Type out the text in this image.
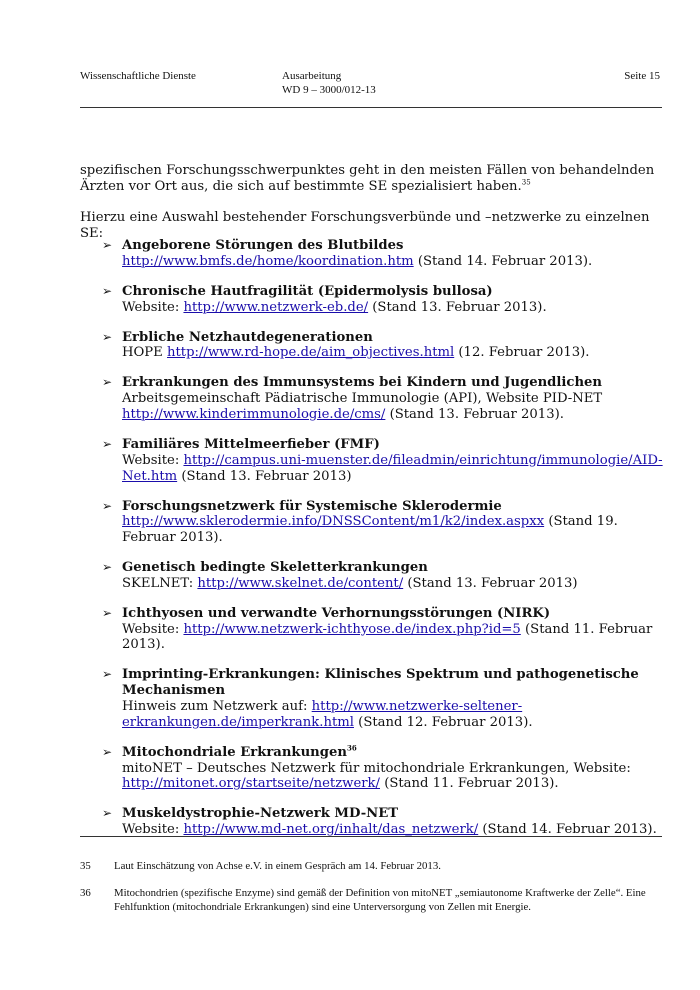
Wissenschaftliche Dienste	Ausarbeitung
WD 9 – 3000/012-13
Seite 15

spezifischen Forschungsschwerpunktes geht in den meisten Fällen von behandelnden Ärzten vor Ort aus, die sich auf bestimmte SE spezialisiert haben.$^{35}$

Hierzu eine Auswahl bestehender Forschungsverbünde und –netzwerke zu einzelnen SE:

➢ Angeborene Störungen des Blutbildes
http://www.bmfs.de/home/koordination.htm (Stand 14. Februar 2013).
➢ Chronische Hautfragilität (Epidermolysis bullosa)
Website: http://www.netzwerk-eb.de/ (Stand 13. Februar 2013).
➢ Erbliche Netzhautdegenerationen
HOPE http://www.rd-hope.de/aim_objectives.html (12. Februar 2013).
➢ Erkrankungen des Immunsystems bei Kindern und Jugendlichen
Arbeitsgemeinschaft Pädiatrische Immunologie (API), Website PID-NET http://www.kinderimmunologie.de/cms/ (Stand 13. Februar 2013).
➢ Familiäres Mittelmeerfieber (FMF)
Website: http://campus.uni-muenster.de/fileadmin/einrichtung/immunologie/AID-Net.htm (Stand 13. Februar 2013)
➢ Forschungsnetzwerk für Systemische Sklerodermie
http://www.sklerodermie.info/DNSSContent/m1/k2/index.aspxx (Stand 19. Februar 2013).
➢ Genetisch bedingte Skeletterkrankungen
SKELNET: http://www.skelnet.de/content/ (Stand 13. Februar 2013)
➢ Ichthyosen und verwandte Verhornungsstörungen (NIRK)
Website: http://www.netzwerk-ichthyose.de/index.php?id=5 (Stand 11. Februar 2013).
➢ Imprinting-Erkrankungen: Klinisches Spektrum und pathogenetische Mechanismen
Hinweis zum Netzwerk auf: http://www.netzwerke-seltener-erkrankungen.de/imperkrank.html (Stand 12. Februar 2013).
➢ Mitochondriale Erkrankungen$^{36}$
mitoNET – Deutsches Netzwerk für mitochondriale Erkrankungen, Website: http://mitonet.org/startseite/netzwerk/ (Stand 11. Februar 2013).
➢ Muskeldystrophie-Netzwerk MD-NET
Website: http://www.md-net.org/inhalt/das_netzwerk/ (Stand 14. Februar 2013).
35 Laut Einschätzung von Achse e.V. in einem Gespräch am 14. Februar 2013.
36 Mitochondrien (spezifische Enzyme) sind gemäß der Definition von mitoNET „semiautonome Kraftwerke der Zelle“. Eine Fehlfunktion (mitochondriale Erkrankungen) sind eine Unterversorgung von Zellen mit Energie.
